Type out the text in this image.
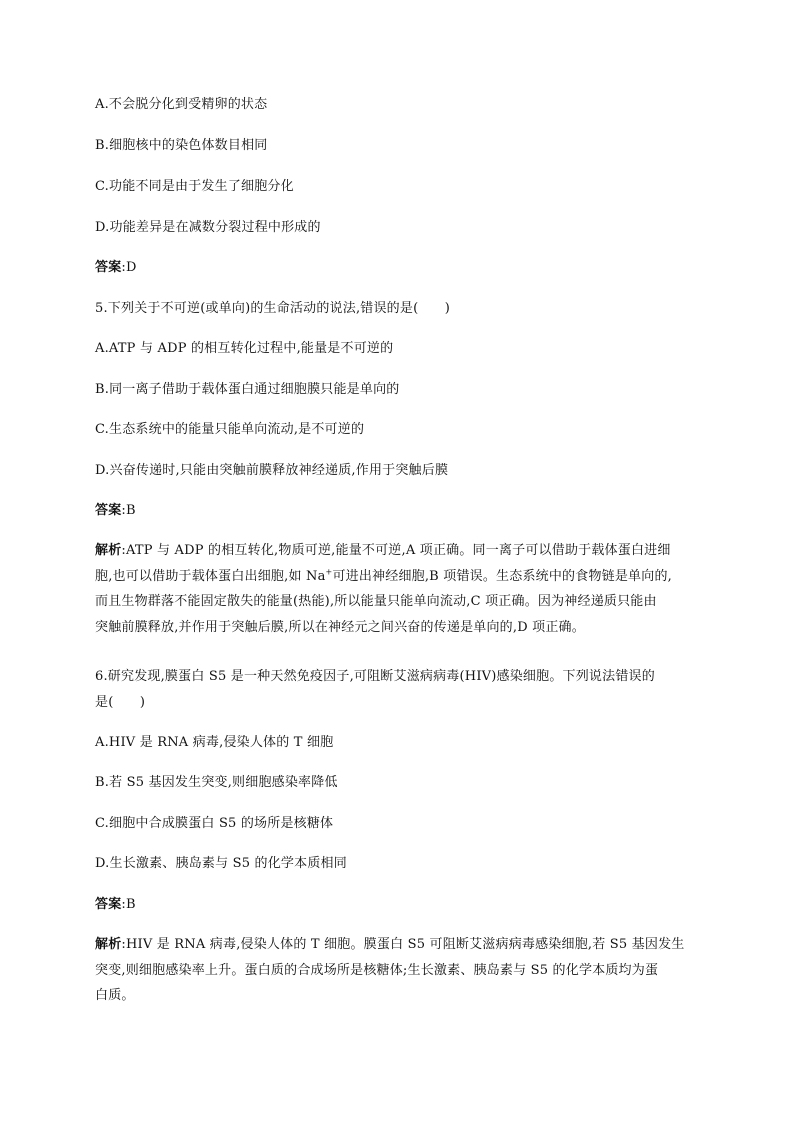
A.不会脱分化到受精卵的状态
B.细胞核中的染色体数目相同
C.功能不同是由于发生了细胞分化
D.功能差异是在减数分裂过程中形成的
答案:D
5.下列关于不可逆(或单向)的生命活动的说法,错误的是(　　)
A.ATP 与 ADP 的相互转化过程中,能量是不可逆的
B.同一离子借助于载体蛋白通过细胞膜只能是单向的
C.生态系统中的能量只能单向流动,是不可逆的
D.兴奋传递时,只能由突触前膜释放神经递质,作用于突触后膜
答案:B

解析:ATP 与 ADP 的相互转化,物质可逆,能量不可逆,A 项正确。同一离子可以借助于载体蛋白进细

胞,也可以借助于载体蛋白出细胞,如 Na+可进出神经细胞,B 项错误。生态系统中的食物链是单向的,

而且生物群落不能固定散失的能量(热能),所以能量只能单向流动,C 项正确。因为神经递质只能由

突触前膜释放,并作用于突触后膜,所以在神经元之间兴奋的传递是单向的,D 项正确。

6.研究发现,膜蛋白 S5 是一种天然免疫因子,可阻断艾滋病病毒(HIV)感染细胞。下列说法错误的

是(　　)

A.HIV 是 RNA 病毒,侵染人体的 T 细胞
B.若 S5 基因发生突变,则细胞感染率降低
C.细胞中合成膜蛋白 S5 的场所是核糖体
D.生长激素、胰岛素与 S5 的化学本质相同
答案:B

解析:HIV 是 RNA 病毒,侵染人体的 T 细胞。膜蛋白 S5 可阻断艾滋病病毒感染细胞,若 S5 基因发生

突变,则细胞感染率上升。蛋白质的合成场所是核糖体;生长激素、胰岛素与 S5 的化学本质均为蛋

白质。
